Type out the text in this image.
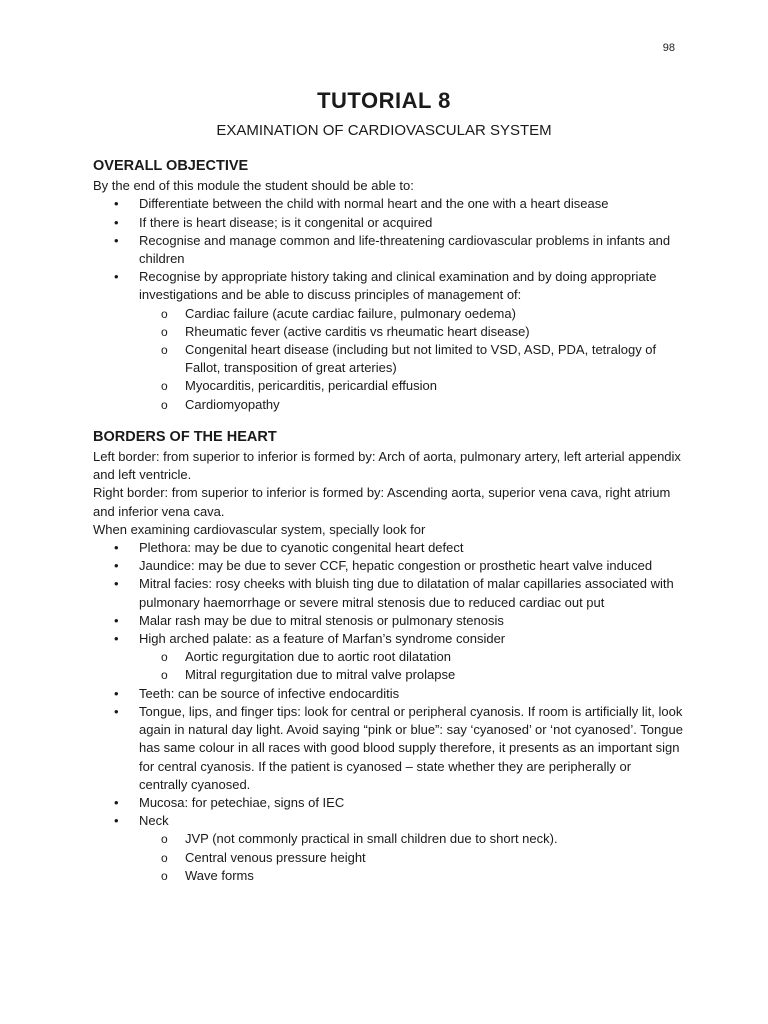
98
TUTORIAL 8
EXAMINATION OF CARDIOVASCULAR SYSTEM
OVERALL OBJECTIVE

By the end of this module the student should be able to:

• Differentiate between the child with normal heart and the one with a heart disease
• If there is heart disease; is it congenital or acquired
• Recognise and manage common and life-threatening cardiovascular problems in infants and children
• Recognise by appropriate history taking and clinical examination and by doing appropriate investigations and be able to discuss principles of management of:
o Cardiac failure (acute cardiac failure, pulmonary oedema)
o Rheumatic fever (active carditis vs rheumatic heart disease)
o Congenital heart disease (including but not limited to VSD, ASD, PDA, tetralogy of Fallot, transposition of great arteries)
o Myocarditis, pericarditis, pericardial effusion
o Cardiomyopathy
BORDERS OF THE HEART

Left border: from superior to inferior is formed by: Arch of aorta, pulmonary artery, left arterial appendix and left ventricle.

Right border: from superior to inferior is formed by: Ascending aorta, superior vena cava, right atrium and inferior vena cava.

When examining cardiovascular system, specially look for

• Plethora: may be due to cyanotic congenital heart defect
• Jaundice: may be due to sever CCF, hepatic congestion or prosthetic heart valve induced
• Mitral facies: rosy cheeks with bluish ting due to dilatation of malar capillaries associated with pulmonary haemorrhage or severe mitral stenosis due to reduced cardiac out put
• Malar rash may be due to mitral stenosis or pulmonary stenosis
• High arched palate: as a feature of Marfan’s syndrome consider
o Aortic regurgitation due to aortic root dilatation
o Mitral regurgitation due to mitral valve prolapse
• Teeth: can be source of infective endocarditis
• Tongue, lips, and finger tips: look for central or peripheral cyanosis. If room is artificially lit, look again in natural day light. Avoid saying “pink or blue”: say ‘cyanosed’ or ‘not cyanosed’. Tongue has same colour in all races with good blood supply therefore, it presents as an important sign for central cyanosis. If the patient is cyanosed – state whether they are peripherally or centrally cyanosed.
• Mucosa: for petechiae, signs of IEC
• Neck
o JVP (not commonly practical in small children due to short neck).
o Central venous pressure height
o Wave forms
